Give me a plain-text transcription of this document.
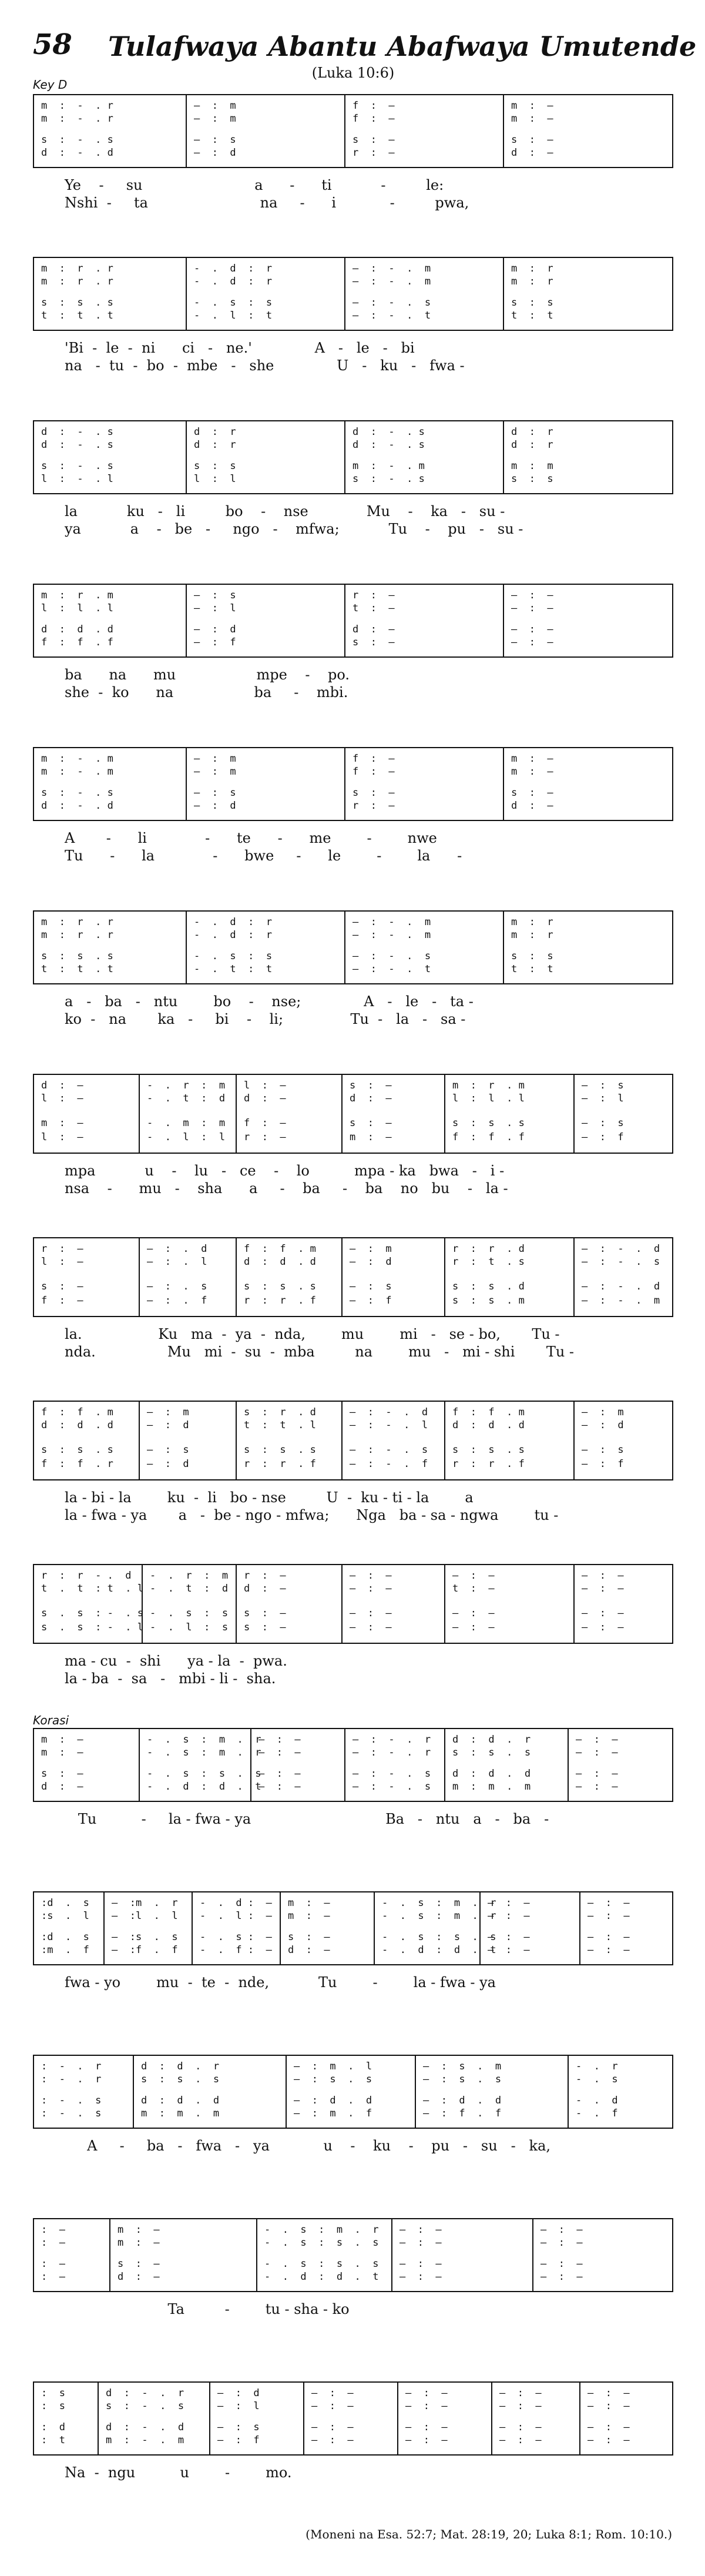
58 Tulafwaya Abantu Abafwaya Umutende
(Luka 10:6)
Key D
Korasi
m  :  -  . r
m  :  -  . r
s  :  -  . s
d  :  -  . d
—  :  m
—  :  m
—  :  s
—  :  d
f  :  —
f  :  —
s  :  —
r  :  —
m  :  —
m  :  —
s  :  —
d  :  —
Ye    -     su                         a      -      ti           -         le:
Nshi  -     ta                         na     -      i            -         pwa,
m  :  r  . r
m  :  r  . r
s  :  s  . s
t  :  t  . t
-  .  d  :  r
-  .  d  :  r
-  .  s  :  s
-  .  l  :  t
—  :  -  .  m
—  :  -  .  m
—  :  -  .  s
—  :  -  .  t
m  :  r
m  :  r
s  :  s
t  :  t
'Bi  -  le  -  ni      ci   -   ne.'              A   -   le   -   bi
na   -  tu  -  bo  -  mbe   -   she              U   -   ku   -   fwa -
d  :  -  . s
d  :  -  . s
s  :  -  . s
l  :  -  . l
d  :  r
d  :  r
s  :  s
l  :  l
d  :  -  . s
d  :  -  . s
m  :  -  . m
s  :  -  . s
d  :  r
d  :  r
m  :  m
s  :  s
la           ku   -   li         bo    -    nse             Mu    -    ka   -   su -
ya           a    -   be   -     ngo   -    mfwa;           Tu    -    pu   -   su -
m  :  r  . m
l  :  l  . l
d  :  d  . d
f  :  f  . f
—  :  s
—  :  l
—  :  d
—  :  f
r  :  —
t  :  —
d  :  —
s  :  —
—  :  —
—  :  —
—  :  —
—  :  —
ba      na      mu                  mpe    -    po.
she  -  ko      na                  ba     -    mbi.
m  :  -  . m
m  :  -  . m
s  :  -  . s
d  :  -  . d
—  :  m
—  :  m
—  :  s
—  :  d
f  :  —
f  :  —
s  :  —
r  :  —
m  :  —
m  :  —
s  :  —
d  :  —
A       -      li             -      te      -      me        -        nwe
Tu      -      la             -      bwe     -      le        -        la      -
m  :  r  . r
m  :  r  . r
s  :  s  . s
t  :  t  . t
-  .  d  :  r
-  .  d  :  r
-  .  s  :  s
-  .  t  :  t
—  :  -  .  m
—  :  -  .  m
—  :  -  .  s
—  :  -  .  t
m  :  r
m  :  r
s  :  s
t  :  t
a   -   ba   -   ntu        bo    -    nse;              A   -   le   -   ta -
ko  -   na       ka   -     bi    -    li;               Tu  -   la   -   sa -
d  :  —
l  :  —
m  :  —
l  :  —
-  .  r  :  m
-  .  t  :  d
-  .  m  :  m
-  .  l  :  l
l  :  —
d  :  —
f  :  —
r  :  —
s  :  —
d  :  —
s  :  —
m  :  —
m  :  r  . m
l  :  l  . l
s  :  s  . s
f  :  f  . f
—  :  s
—  :  l
—  :  s
—  :  f
mpa           u    -    lu   -   ce    -    lo          mpa - ka   bwa   -   i -
nsa    -      mu   -    sha      a     -    ba     -    ba    no   bu    -   la -
r  :  —
l  :  —
s  :  —
f  :  —
—  :  .  d
—  :  .  l
—  :  .  s
—  :  .  f
f  :  f  . m
d  :  d  . d
s  :  s  . s
r  :  r  . f
—  :  m
—  :  d
—  :  s
—  :  f
r  :  r  . d
r  :  t  . s
s  :  s  . d
s  :  s  . m
—  :  -  .  d
—  :  -  .  s
—  :  -  .  d
—  :  -  .  m
la.                 Ku   ma  -  ya  -  nda,        mu        mi   -   se - bo,       Tu -
nda.                Mu   mi  -  su  -  mba         na        mu   -   mi - shi       Tu -
f  :  f  . m
d  :  d  . d
s  :  s  . s
f  :  f  . r
—  :  m
—  :  d
—  :  s
—  :  d
s  :  r  . d
t  :  t  . l
s  :  s  . s
r  :  r  . f
—  :  -  .  d
—  :  -  .  l
—  :  -  .  s
—  :  -  .  f
f  :  f  . m
d  :  d  . d
s  :  s  . s
r  :  r  . f
—  :  m
—  :  d
—  :  s
—  :  f
la - bi - la        ku  -  li   bo - nse         U  -  ku - ti - la        a
la - fwa - ya       a   -  be - ngo - mfwa;      Nga   ba - sa - ngwa        tu -
r  :  r  - .  d
t  .  t  : t  . l
s  .  s  : -  . s
s  .  s  : -  . l
-  .  r  :  m
-  .  t  :  d
-  .  s  :  s
-  .  l  :  s
r  :  —
d  :  —
s  :  —
s  :  —
—  :  —
—  :  —
—  :  —
—  :  —
—  :  —
t  :  —
—  :  —
—  :  —
—  :  —
—  :  —
—  :  —
—  :  —
ma - cu  -  shi      ya - la  -  pwa.
la - ba  -  sa   -   mbi - li -  sha.
m  :  —
m  :  —
s  :  —
d  :  —
-  .  s  :  m  .  r
-  .  s  :  m  .  r
-  .  s  :  s  .  s
-  .  d  :  d  .  t
—  :  —
—  :  —
—  :  —
—  :  —
—  :  -  .  r
—  :  -  .  r
—  :  -  .  s
—  :  -  .  s
d  :  d  .  r
s  :  s  .  s
d  :  d  .  d
m  :  m  .  m
—  :  —
—  :  —
—  :  —
—  :  —
Tu          -     la - fwa - ya                              Ba   -   ntu   a   -   ba   -
:d  .  s
:s  .  l
:d  .  s
:m  .  f
—  :m  .  r
—  :l  .  l
—  :s  .  s
—  :f  .  f
-  .  d :  —
-  .  l :  —
-  .  s :  —
-  .  f :  —
m  :  —
m  :  —
s  :  —
d  :  —
-  .  s  :  m  .  r
-  .  s  :  m  .  r
-  .  s  :  s  .  s
-  .  d  :  d  .  t
—  :  —
—  :  —
—  :  —
—  :  —
—  :  —
—  :  —
—  :  —
—  :  —
fwa - yo        mu  -  te  -  nde,           Tu        -        la - fwa - ya
:  -  .  r
:  -  .  r
:  -  .  s
:  -  .  s
d  :  d  .  r
s  :  s  .  s
d  :  d  .  d
m  :  m  .  m
—  :  m  .  l
—  :  s  .  s
—  :  d  .  d
—  :  m  .  f
—  :  s  .  m
—  :  s  .  s
—  :  d  .  d
—  :  f  .  f
-  .  r
-  .  s
-  .  d
-  .  f
A     -     ba   -   fwa   -   ya            u    -    ku    -    pu   -   su   -   ka,
:  —
:  —
:  —
:  —
m  :  —
m  :  —
s  :  —
d  :  —
-  .  s  :  m  .  r
-  .  s  :  s  .  s
-  .  s  :  s  .  s
-  .  d  :  d  .  t
—  :  —
—  :  —
—  :  —
—  :  —
—  :  —
—  :  —
—  :  —
—  :  —
Ta         -        tu - sha - ko
:  s
:  s
:  d
:  t
d  :  -  .  r
s  :  -  .  s
d  :  -  .  d
m  :  -  .  m
—  :  d
—  :  l
—  :  s
—  :  f
—  :  —
—  :  —
—  :  —
—  :  —
—  :  —
—  :  —
—  :  —
—  :  —
—  :  —
—  :  —
—  :  —
—  :  —
—  :  —
—  :  —
—  :  —
—  :  —
Na  -  ngu          u        -        mo.
(Moneni na Esa. 52:7; Mat. 28:19, 20; Luka 8:1; Rom. 10:10.)
